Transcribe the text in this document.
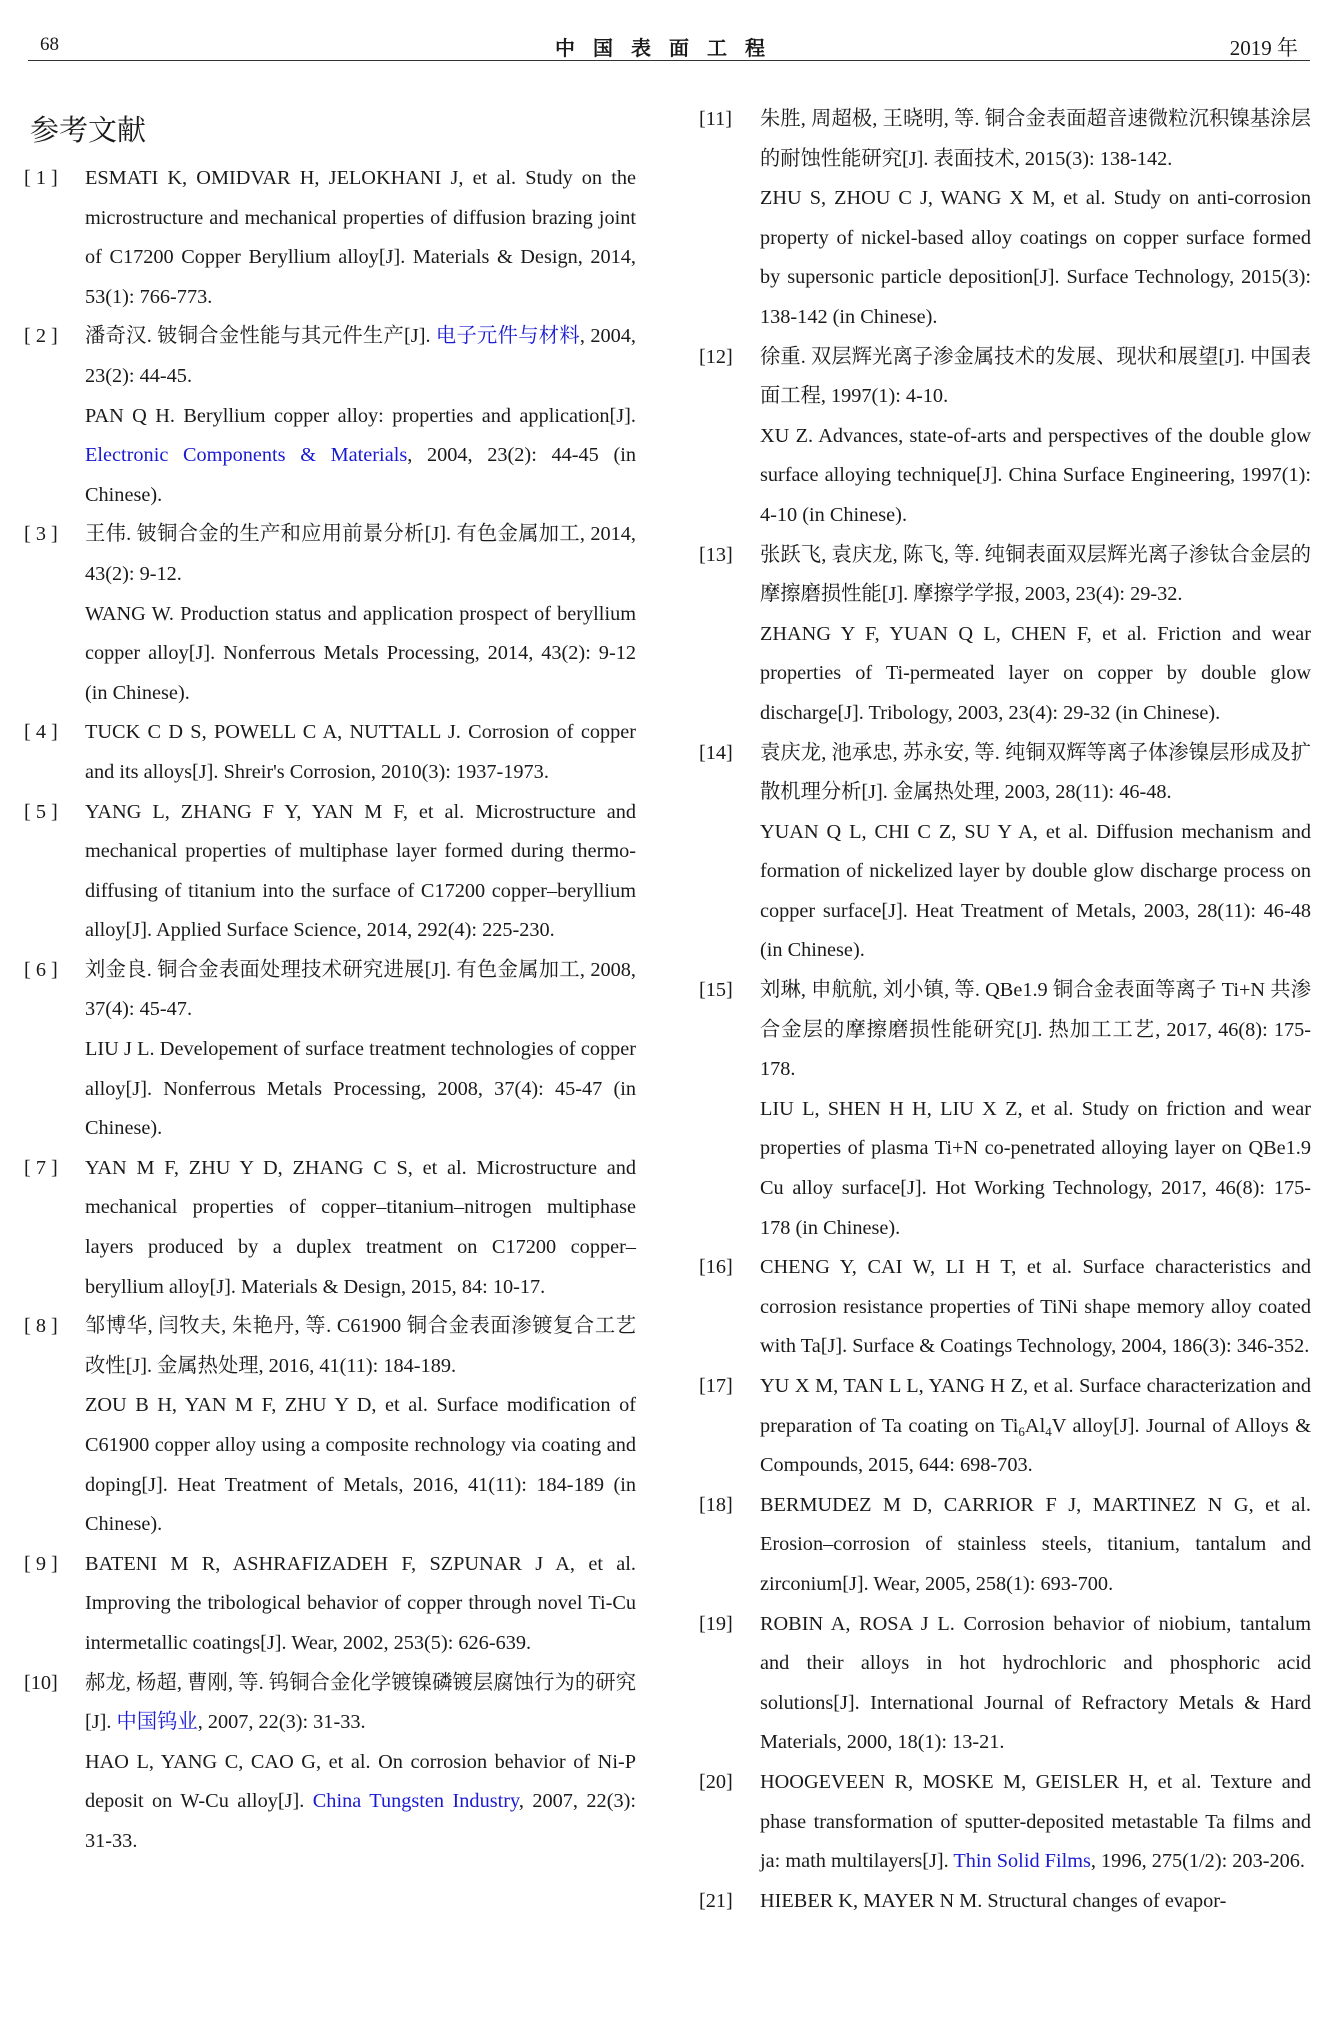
68	中国表面工程	2019 年
参考文献
[ 1 ] ESMATI K, OMIDVAR H, JELOKHANI J, et al. Study on the microstructure and mechanical properties of diffusion brazing joint of C17200 Copper Beryllium alloy[J]. Materials & Design, 2014, 53(1): 766-773.

[ 2 ] 潘奇汉. 铍铜合金性能与其元件生产[J]. 电子元件与材料, 2004, 23(2): 44-45.

PAN Q H. Beryllium copper alloy: properties and application[J]. Electronic Components & Materials, 2004, 23(2): 44-45 (in Chinese).

[ 3 ] 王伟. 铍铜合金的生产和应用前景分析[J]. 有色金属加工, 2014, 43(2): 9-12.

WANG W. Production status and application prospect of beryllium copper alloy[J]. Nonferrous Metals Processing, 2014, 43(2): 9-12 (in Chinese).

[ 4 ] TUCK C D S, POWELL C A, NUTTALL J. Corrosion of copper and its alloys[J]. Shreir's Corrosion, 2010(3): 1937-1973.

[ 5 ] YANG L, ZHANG F Y, YAN M F, et al. Microstructure and mechanical properties of multiphase layer formed during thermo-diffusing of titanium into the surface of C17200 copper–beryllium alloy[J]. Applied Surface Science, 2014, 292(4): 225-230.

[ 6 ] 刘金良. 铜合金表面处理技术研究进展[J]. 有色金属加工, 2008, 37(4): 45-47.

LIU J L. Developement of surface treatment technologies of copper alloy[J]. Nonferrous Metals Processing, 2008, 37(4): 45-47 (in Chinese).

[ 7 ] YAN M F, ZHU Y D, ZHANG C S, et al. Microstructure and mechanical properties of copper–titanium–nitrogen multiphase layers produced by a duplex treatment on C17200 copper–beryllium alloy[J]. Materials & Design, 2015, 84: 10-17.

[ 8 ] 邹博华, 闫牧夫, 朱艳丹, 等. C61900 铜合金表面渗镀复合工艺改性[J]. 金属热处理, 2016, 41(11): 184-189.

ZOU B H, YAN M F, ZHU Y D, et al. Surface modification of C61900 copper alloy using a composite rechnology via coating and doping[J]. Heat Treatment of Metals, 2016, 41(11): 184-189 (in Chinese).

[ 9 ] BATENI M R, ASHRAFIZADEH F, SZPUNAR J A, et al. Improving the tribological behavior of copper through novel Ti-Cu intermetallic coatings[J]. Wear, 2002, 253(5): 626-639.

[10] 郝龙, 杨超, 曹刚, 等. 钨铜合金化学镀镍磷镀层腐蚀行为的研究[J]. 中国钨业, 2007, 22(3): 31-33.

HAO L, YANG C, CAO G, et al. On corrosion behavior of Ni-P deposit on W-Cu alloy[J]. China Tungsten Industry, 2007, 22(3): 31-33.

[11] 朱胜, 周超极, 王晓明, 等. 铜合金表面超音速微粒沉积镍基涂层的耐蚀性能研究[J]. 表面技术, 2015(3): 138-142.

ZHU S, ZHOU C J, WANG X M, et al. Study on anti-corrosion property of nickel-based alloy coatings on copper surface formed by supersonic particle deposition[J]. Surface Technology, 2015(3): 138-142 (in Chinese).

[12] 徐重. 双层辉光离子渗金属技术的发展、现状和展望[J]. 中国表面工程, 1997(1): 4-10.

XU Z. Advances, state-of-arts and perspectives of the double glow surface alloying technique[J]. China Surface Engineering, 1997(1): 4-10 (in Chinese).

[13] 张跃飞, 袁庆龙, 陈飞, 等. 纯铜表面双层辉光离子渗钛合金层的摩擦磨损性能[J]. 摩擦学学报, 2003, 23(4): 29-32.

ZHANG Y F, YUAN Q L, CHEN F, et al. Friction and wear properties of Ti-permeated layer on copper by double glow discharge[J]. Tribology, 2003, 23(4): 29-32 (in Chinese).

[14] 袁庆龙, 池承忠, 苏永安, 等. 纯铜双辉等离子体渗镍层形成及扩散机理分析[J]. 金属热处理, 2003, 28(11): 46-48.

YUAN Q L, CHI C Z, SU Y A, et al. Diffusion mechanism and formation of nickelized layer by double glow discharge process on copper surface[J]. Heat Treatment of Metals, 2003, 28(11): 46-48 (in Chinese).

[15] 刘琳, 申航航, 刘小镇, 等. QBe1.9 铜合金表面等离子 Ti+N 共渗合金层的摩擦磨损性能研究[J]. 热加工工艺, 2017, 46(8): 175-178.

LIU L, SHEN H H, LIU X Z, et al. Study on friction and wear properties of plasma Ti+N co-penetrated alloying layer on QBe1.9 Cu alloy surface[J]. Hot Working Technology, 2017, 46(8): 175-178 (in Chinese).

[16] CHENG Y, CAI W, LI H T, et al. Surface characteristics and corrosion resistance properties of TiNi shape memory alloy coated with Ta[J]. Surface & Coatings Technology, 2004, 186(3): 346-352.

[17] YU X M, TAN L L, YANG H Z, et al. Surface characterization and preparation of Ta coating on $Ti_6Al_4V$ alloy[J]. Journal of Alloys & Compounds, 2015, 644: 698-703.

[18] BERMUDEZ M D, CARRIOR F J, MARTINEZ N G, et al. Erosion–corrosion of stainless steels, titanium, tantalum and zirconium[J]. Wear, 2005, 258(1): 693-700.

[19] ROBIN A, ROSA J L. Corrosion behavior of niobium, tantalum and their alloys in hot hydrochloric and phosphoric acid solutions[J]. International Journal of Refractory Metals & Hard Materials, 2000, 18(1): 13-21.

[20] HOOGEVEEN R, MOSKE M, GEISLER H, et al. Texture and phase transformation of sputter-deposited metastable Ta films and ja: math multilayers[J]. Thin Solid Films, 1996, 275(1/2): 203-206.

[21] HIEBER K, MAYER N M. Structural changes of evapor-
